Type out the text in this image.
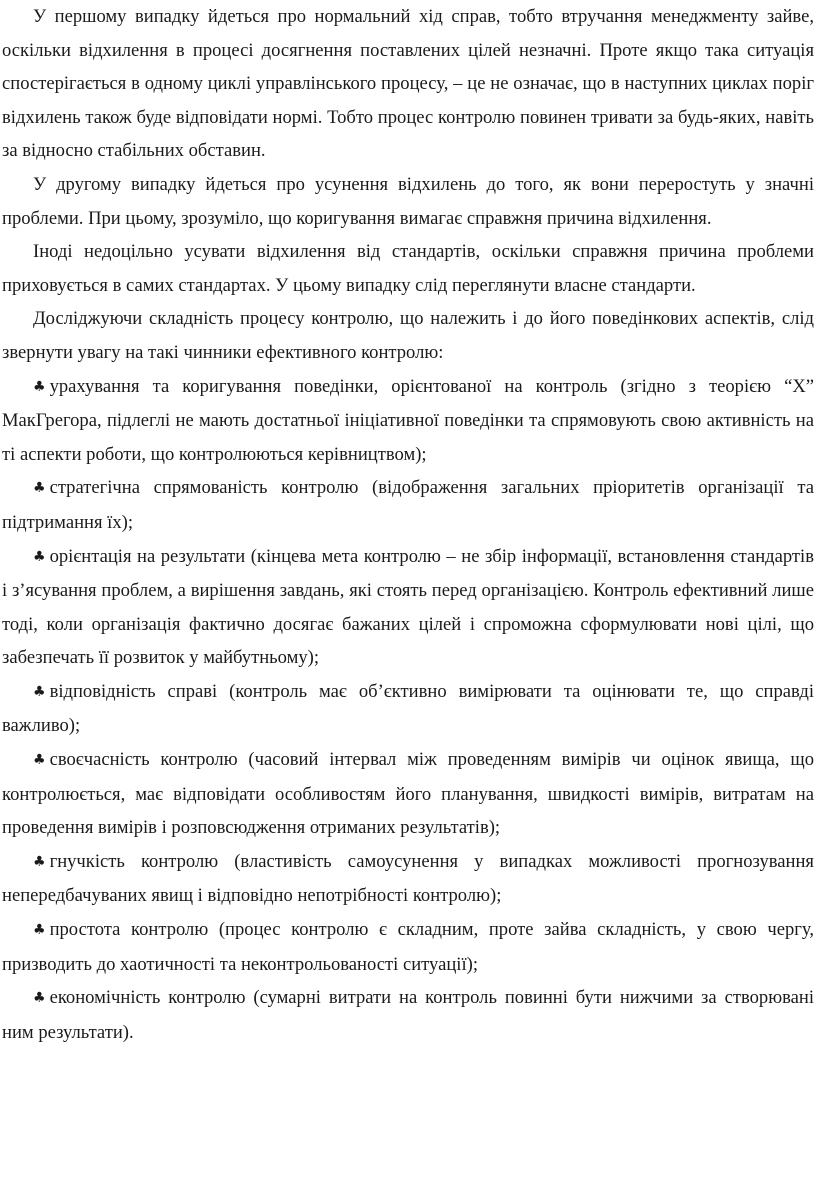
У першому випадку йдеться про нормальний хід справ, тобто втручання менеджменту зайве, оскільки відхилення в процесі досягнення поставлених цілей незначні. Проте якщо така ситуація спостерігається в одному циклі управлінського процесу, – це не означає, що в наступних циклах поріг відхилень також буде відповідати нормі. Тобто процес контролю повинен тривати за будь-яких, навіть за відносно стабільних обставин.

У другому випадку йдеться про усунення відхилень до того, як вони переростуть у значні проблеми. При цьому, зрозуміло, що коригування вимагає справжня причина відхилення.

Іноді недоцільно усувати відхилення від стандартів, оскільки справжня причина проблеми приховується в самих стандартах. У цьому випадку слід переглянути власне стандарти.

Досліджуючи складність процесу контролю, що належить і до його поведінкових аспектів, слід звернути увагу на такі чинники ефективного контролю:

♣ урахування та коригування поведінки, орієнтованої на контроль (згідно з теорією “X” МакГрегора, підлеглі не мають достатньої ініціативної поведінки та спрямовують свою активність на ті аспекти роботи, що контролюються керівництвом);

♣ стратегічна спрямованість контролю (відображення загальних пріоритетів організації та підтримання їх);

♣ орієнтація на результати (кінцева мета контролю – не збір інформації, встановлення стандартів і з’ясування проблем, а вирішення завдань, які стоять перед організацією. Контроль ефективний лише тоді, коли організація фактично досягає бажаних цілей і спроможна сформулювати нові цілі, що забезпечать її розвиток у майбутньому);

♣ відповідність справі (контроль має об’єктивно вимірювати та оцінювати те, що справді важливо);

♣ своєчасність контролю (часовий інтервал між проведенням вимірів чи оцінок явища, що контролюється, має відповідати особливостям його планування, швидкості вимірів, витратам на проведення вимірів і розповсюдження отриманих результатів);

♣ гнучкість контролю (властивість самоусунення у випадках можливості прогнозування непередбачуваних явищ і відповідно непотрібності контролю);

♣ простота контролю (процес контролю є складним, проте зайва складність, у свою чергу, призводить до хаотичності та неконтрольованості ситуації);

♣ економічність контролю (сумарні витрати на контроль повинні бути нижчими за створювані ним результати).
